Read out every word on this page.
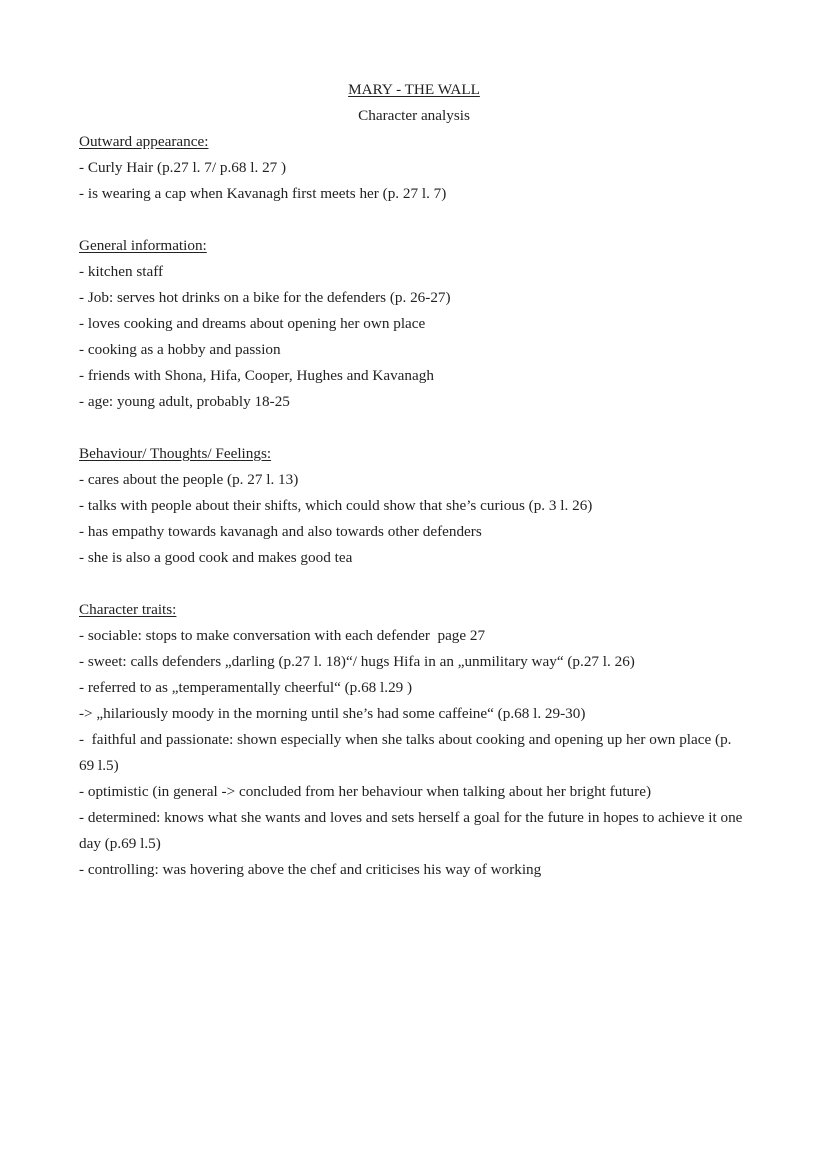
MARY - THE WALL
Character analysis
Outward appearance:
- Curly Hair (p.27 l. 7/ p.68 l. 27 )
- is wearing a cap when Kavanagh first meets her (p. 27 l. 7)
General information:
- kitchen staff
- Job: serves hot drinks on a bike for the defenders (p. 26-27)
- loves cooking and dreams about opening her own place
- cooking as a hobby and passion
- friends with Shona, Hifa, Cooper, Hughes and Kavanagh
- age: young adult, probably 18-25
Behaviour/ Thoughts/ Feelings:
- cares about the people (p. 27 l. 13)
- talks with people about their shifts, which could show that she’s curious (p. 3 l. 26)
- has empathy towards kavanagh and also towards other defenders
- she is also a good cook and makes good tea
Character traits:
- sociable: stops to make conversation with each defender  page 27
- sweet: calls defenders „darling (p.27 l. 18)“/ hugs Hifa in an „unmilitary way“ (p.27 l. 26)
- referred to as „temperamentally cheerful“ (p.68 l.29 )
-> „hilariously moody in the morning until she’s had some caffeine“ (p.68 l. 29-30)
-  faithful and passionate: shown especially when she talks about cooking and opening up her own place (p. 69 l.5)
- optimistic (in general -> concluded from her behaviour when talking about her bright future)
- determined: knows what she wants and loves and sets herself a goal for the future in hopes to achieve it one day (p.69 l.5)
- controlling: was hovering above the chef and criticises his way of working
